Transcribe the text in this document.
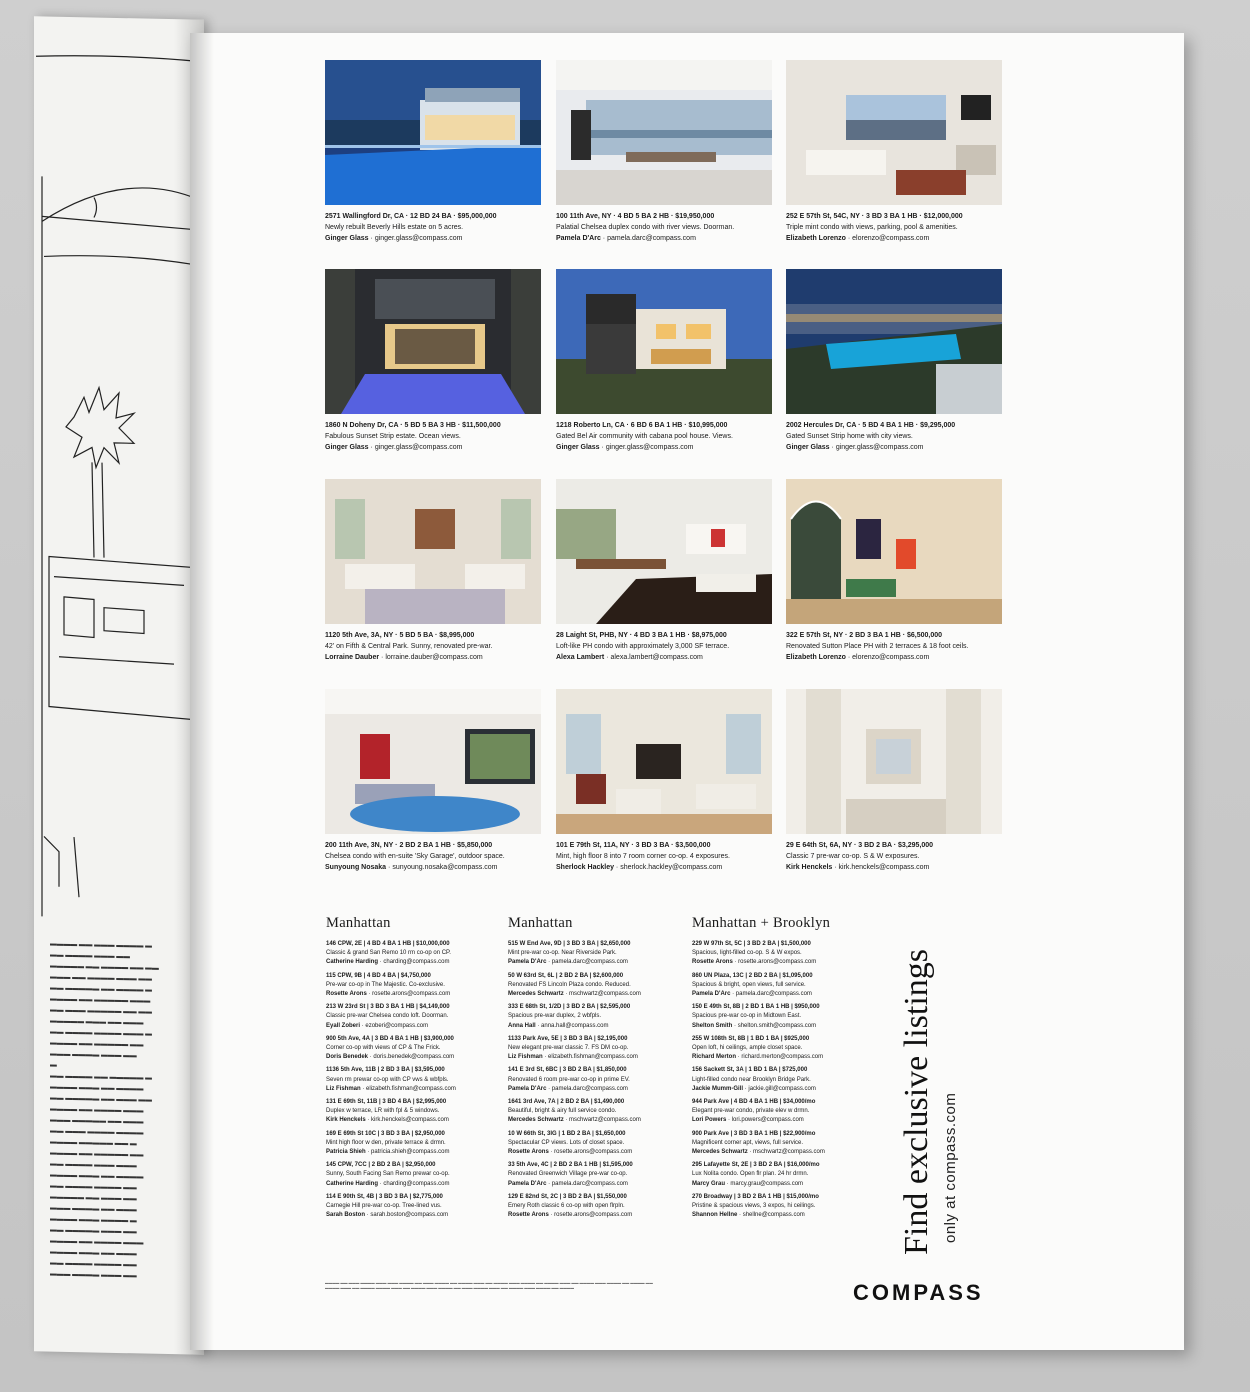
▬▬▬▬ ▬▬ ▬▬▬ ▬▬▬▬ ▬

▬▬ ▬▬▬▬ ▬▬▬ ▬▬

▬▬▬▬▬ ▬▬ ▬▬▬▬ ▬▬ ▬▬

▬▬▬ ▬▬ ▬▬▬▬ ▬▬▬ ▬▬

▬▬ ▬▬▬▬▬ ▬▬ ▬▬▬▬ ▬

▬▬▬▬ ▬▬ ▬▬▬▬▬ ▬▬▬

▬▬ ▬▬▬ ▬▬▬▬▬ ▬▬ ▬▬

▬▬▬▬▬ ▬▬▬ ▬▬ ▬▬▬

▬▬ ▬▬▬▬ ▬▬▬▬ ▬▬▬ ▬

▬▬▬▬ ▬▬ ▬▬▬▬▬ ▬▬

▬▬▬ ▬▬▬▬ ▬▬▬ ▬▬

▬

▬▬ ▬▬▬▬ ▬▬ ▬▬▬▬▬ ▬

▬▬▬▬ ▬▬▬ ▬▬ ▬▬▬▬

▬▬ ▬▬▬▬▬ ▬▬ ▬▬▬ ▬▬

▬▬▬▬ ▬▬ ▬▬▬▬ ▬▬▬

▬▬▬ ▬▬▬▬▬ ▬▬ ▬▬▬

▬▬ ▬▬▬ ▬▬▬▬ ▬▬▬▬

▬▬▬▬ ▬▬▬▬▬ ▬▬ ▬

▬▬▬▬ ▬▬ ▬▬▬▬▬ ▬▬

▬▬ ▬▬▬▬ ▬▬▬ ▬▬▬

▬▬▬▬ ▬▬▬ ▬▬ ▬▬▬▬

▬▬ ▬▬▬▬ ▬▬▬▬ ▬▬

▬▬▬▬▬ ▬▬ ▬▬▬ ▬▬

▬▬▬ ▬▬▬▬ ▬▬ ▬▬▬

▬▬▬▬ ▬▬▬ ▬▬▬▬ ▬

▬▬ ▬▬▬▬▬ ▬▬▬ ▬▬

▬▬▬▬ ▬▬ ▬▬▬▬ ▬▬▬

▬▬▬▬ ▬▬▬ ▬▬ ▬▬▬

▬▬ ▬▬▬▬ ▬▬▬▬ ▬▬

▬▬▬ ▬▬▬▬ ▬▬▬ ▬▬

2571 Wallingford Dr, CA · 12 BD 24 BA · $95,000,000
Newly rebuilt Beverly Hills estate on 5 acres.
Ginger Glass · ginger.glass@compass.com
100 11th Ave, NY · 4 BD 5 BA 2 HB · $19,950,000
Palatial Chelsea duplex condo with river views. Doorman.
Pamela D'Arc · pamela.darc@compass.com
252 E 57th St, 54C, NY · 3 BD 3 BA 1 HB · $12,000,000
Triple mint condo with views, parking, pool & amenities.
Elizabeth Lorenzo · elorenzo@compass.com
1860 N Doheny Dr, CA · 5 BD 5 BA 3 HB · $11,500,000
Fabulous Sunset Strip estate. Ocean views.
Ginger Glass · ginger.glass@compass.com
1218 Roberto Ln, CA · 6 BD 6 BA 1 HB · $10,995,000
Gated Bel Air community with cabana pool house. Views.
Ginger Glass · ginger.glass@compass.com
2002 Hercules Dr, CA · 5 BD 4 BA 1 HB · $9,295,000
Gated Sunset Strip home with city views.
Ginger Glass · ginger.glass@compass.com
1120 5th Ave, 3A, NY · 5 BD 5 BA · $8,995,000
42' on Fifth & Central Park. Sunny, renovated pre-war.
Lorraine Dauber · lorraine.dauber@compass.com
28 Laight St, PHB, NY · 4 BD 3 BA 1 HB · $8,975,000
Loft-like PH condo with approximately 3,000 SF terrace.
Alexa Lambert · alexa.lambert@compass.com
322 E 57th St, NY · 2 BD 3 BA 1 HB · $6,500,000
Renovated Sutton Place PH with 2 terraces & 18 foot ceils.
Elizabeth Lorenzo · elorenzo@compass.com
200 11th Ave, 3N, NY · 2 BD 2 BA 1 HB · $5,850,000
Chelsea condo with en-suite 'Sky Garage', outdoor space.
Sunyoung Nosaka · sunyoung.nosaka@compass.com
101 E 79th St, 11A, NY · 3 BD 3 BA · $3,500,000
Mint, high floor 8 into 7 room corner co-op. 4 exposures.
Sherlock Hackley · sherlock.hackley@compass.com
29 E 64th St, 6A, NY · 3 BD 2 BA · $3,295,000
Classic 7 pre-war co-op. S & W exposures.
Kirk Henckels · kirk.henckels@compass.com
Manhattan
146 CPW, 2E | 4 BD 4 BA 1 HB | $10,000,000
Classic & grand San Remo 10 rm co-op on CP.
Catherine Harding · charding@compass.com
115 CPW, 9B | 4 BD 4 BA | $4,750,000
Pre-war co-op in The Majestic. Co-exclusive.
Rosette Arons · rosette.arons@compass.com
213 W 23rd St | 3 BD 3 BA 1 HB | $4,149,000
Classic pre-war Chelsea condo loft. Doorman.
Eyall Zoberi · ezoberi@compass.com
900 5th Ave, 4A | 3 BD 4 BA 1 HB | $3,900,000
Corner co-op with views of CP & The Frick.
Doris Benedek · doris.benedek@compass.com
1136 5th Ave, 11B | 2 BD 3 BA | $3,595,000
Seven rm prewar co-op with CP vws & wbfpls.
Liz Fishman · elizabeth.fishman@compass.com
131 E 69th St, 11B | 3 BD 4 BA | $2,995,000
Duplex w terrace, LR with fpl & 5 windows.
Kirk Henckels · kirk.henckels@compass.com
169 E 69th St 10C | 3 BD 3 BA | $2,950,000
Mint high floor w den, private terrace & drmn.
Patricia Shieh · patricia.shieh@compass.com
145 CPW, 7CC | 2 BD 2 BA | $2,950,000
Sunny, South Facing San Remo prewar co-op.
Catherine Harding · charding@compass.com
114 E 90th St, 4B | 3 BD 3 BA | $2,775,000
Carnegie Hill pre-war co-op. Tree-lined vus.
Sarah Boston · sarah.boston@compass.com
Manhattan
515 W End Ave, 9D | 3 BD 3 BA | $2,650,000
Mint pre-war co-op. Near Riverside Park.
Pamela D'Arc · pamela.darc@compass.com
50 W 63rd St, 6L | 2 BD 2 BA | $2,600,000
Renovated FS Lincoln Plaza condo. Reduced.
Mercedes Schwartz · mschwartz@compass.com
333 E 68th St, 1/2D | 3 BD 2 BA | $2,595,000
Spacious pre-war duplex, 2 wbfpls.
Anna Hall · anna.hall@compass.com
1133 Park Ave, 5E | 3 BD 3 BA | $2,195,000
New elegant pre-war classic 7. FS DM co-op.
Liz Fishman · elizabeth.fishman@compass.com
141 E 3rd St, 6BC | 3 BD 2 BA | $1,850,000
Renovated 6 room pre-war co-op in prime EV.
Pamela D'Arc · pamela.darc@compass.com
1641 3rd Ave, 7A | 2 BD 2 BA | $1,490,000
Beautiful, bright & airy full service condo.
Mercedes Schwartz · mschwartz@compass.com
10 W 66th St, 3IG | 1 BD 2 BA | $1,650,000
Spectacular CP views. Lots of closet space.
Rosette Arons · rosette.arons@compass.com
33 5th Ave, 4C | 2 BD 2 BA 1 HB | $1,595,000
Renovated Greenwich Village pre-war co-op.
Pamela D'Arc · pamela.darc@compass.com
129 E 82nd St, 2C | 3 BD 2 BA | $1,550,000
Emery Roth classic 6 co-op with open flrpln.
Rosette Arons · rosette.arons@compass.com
Manhattan + Brooklyn
229 W 97th St, 5C | 3 BD 2 BA | $1,500,000
Spacious, light-filled co-op. S & W expos.
Rosette Arons · rosette.arons@compass.com
860 UN Plaza, 13C | 2 BD 2 BA | $1,095,000
Spacious & bright, open views, full service.
Pamela D'Arc · pamela.darc@compass.com
150 E 49th St, 8B | 2 BD 1 BA 1 HB | $950,000
Spacious pre-war co-op in Midtown East.
Shelton Smith · shelton.smith@compass.com
255 W 108th St, 8B | 1 BD 1 BA | $925,000
Open loft, hi ceilings, ample closet space.
Richard Merton · richard.merton@compass.com
156 Sackett St, 3A | 1 BD 1 BA | $725,000
Light-filled condo near Brooklyn Bridge Park.
Jackie Mumm-Gill · jackie.gill@compass.com
944 Park Ave | 4 BD 4 BA 1 HB | $34,000/mo
Elegant pre-war condo, private elev w drmn.
Lori Powers · lori.powers@compass.com
900 Park Ave | 3 BD 3 BA 1 HB | $22,900/mo
Magnificent corner apt, views, full service.
Mercedes Schwartz · mschwartz@compass.com
295 Lafayette St, 2E | 3 BD 2 BA | $16,000/mo
Lux Nolita condo. Open flr plan. 24 hr drmn.
Marcy Grau · marcy.grau@compass.com
270 Broadway | 3 BD 2 BA 1 HB | $15,000/mo
Pristine & spacious views, 3 expos, hi ceilings.
Shannon Hellne · shellne@compass.com	Find exclusive listings only at compass.com
▬▬▬▬ ▬▬ ▬▬▬ ▬▬▬▬ ▬▬▬ ▬▬▬ ▬▬▬▬ ▬▬ ▬▬▬ ▬▬▬▬ ▬▬ ▬▬▬▬ ▬▬▬ ▬▬ ▬▬▬▬ ▬▬▬ ▬▬▬▬ ▬▬ ▬▬▬▬ ▬▬▬ ▬▬ ▬▬▬▬ ▬▬▬ ▬▬▬▬ ▬▬ ▬▬▬▬ ▬▬ ▬▬▬▬ ▬▬▬ ▬▬ ▬▬▬▬ ▬▬▬▬ ▬▬▬ ▬▬ ▬▬▬▬ ▬▬▬ ▬▬▬▬ ▬▬ ▬▬▬ ▬▬▬▬ ▬▬▬ ▬▬ ▬▬▬▬ ▬▬▬ ▬▬▬▬ ▬▬ ▬▬▬▬	COMPASS
